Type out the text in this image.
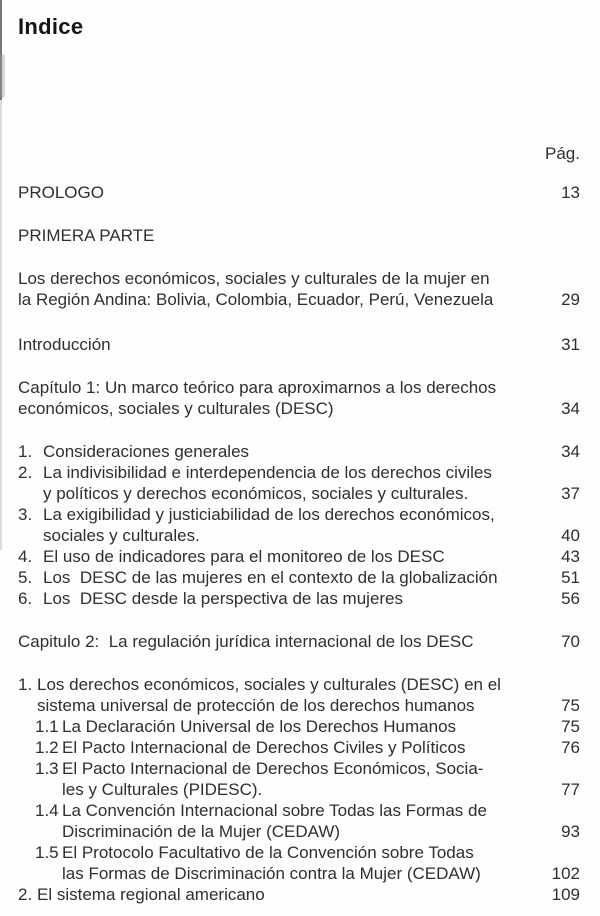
Indice
Pág.
PROLOGO	13
PRIMERA PARTE
Los derechos económicos, sociales y culturales de la mujer en
la Región Andina: Bolivia, Colombia, Ecuador, Perú, Venezuela	29
Introducción	31
Capítulo 1: Un marco teórico para aproximarnos a los derechos
económicos, sociales y culturales (DESC)	34
1. Consideraciones generales	34
2. La indivisibilidad e interdependencia de los derechos civiles
y políticos y derechos económicos, sociales y culturales.	37
3. La exigibilidad y justiciabilidad de los derechos económicos,
sociales y culturales.	40
4. El uso de indicadores para el monitoreo de los DESC	43
5. Los  DESC de las mujeres en el contexto de la globalización	51
6. Los  DESC desde la perspectiva de las mujeres	56
Capitulo 2:  La regulación jurídica internacional de los DESC	70
1. Los derechos económicos, sociales y culturales (DESC) en el
sistema universal de protección de los derechos humanos	75
1.1 La Declaración Universal de los Derechos Humanos	75
1.2 El Pacto Internacional de Derechos Civiles y Políticos	76
1.3 El Pacto Internacional de Derechos Económicos, Socia-
les y Culturales (PIDESC).	77
1.4 La Convención Internacional sobre Todas las Formas de
Discriminación de la Mujer (CEDAW)	93
1.5 El Protocolo Facultativo de la Convención sobre Todas
las Formas de Discriminación contra la Mujer (CEDAW)	102
2. El sistema regional americano	109
